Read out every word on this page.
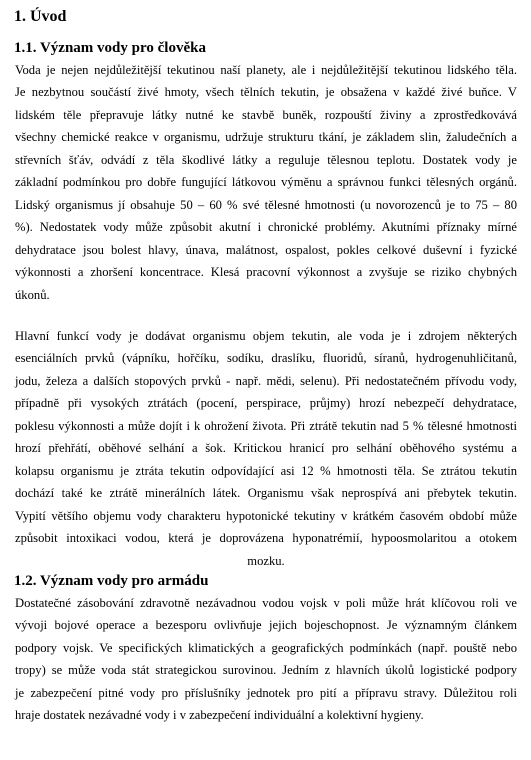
1. Úvod
1.1. Význam vody pro člověka
Voda je nejen nejdůležitější tekutinou naší planety, ale i nejdůležitější tekutinou lidského těla.
Je nezbytnou součástí živé hmoty, všech tělních tekutin, je obsažena v každé živé buňce. V
lidském těle přepravuje látky nutné ke stavbě buněk, rozpouští živiny a zprostředkovává
všechny chemické reakce v organismu, udržuje strukturu tkání, je základem slin, žaludečních a
střevních šťáv, odvádí z těla škodlivé látky a reguluje tělesnou teplotu. Dostatek vody je
základní podmínkou pro dobře fungující látkovou výměnu a správnou funkci tělesných orgánů.
Lidský organismus jí obsahuje 50 – 60 % své tělesné hmotnosti (u novorozenců je to 75 – 80
%). Nedostatek vody může způsobit akutní i chronické problémy. Akutními příznaky mírné
dehydratace jsou bolest hlavy, únava, malátnost, ospalost, pokles celkové duševní i fyzické
výkonnosti a zhoršení koncentrace. Klesá pracovní výkonnost a zvyšuje se riziko chybných
úkonů.
Hlavní funkcí vody je dodávat organismu objem tekutin, ale voda je i zdrojem některých
esenciálních prvků (vápníku, hořčíku, sodíku, draslíku, fluoridů, síranů, hydrogenuhličitanů,
jodu, železa a dalších stopových prvků - např. mědi, selenu). Při nedostatečném přívodu vody,
případně při vysokých ztrátách (pocení, perspirace, průjmy) hrozí nebezpečí dehydratace,
poklesu výkonnosti a může dojít i k ohrožení života. Při ztrátě tekutin nad 5 % tělesné hmotnosti
hrozí přehřátí, oběhové selhání a šok. Kritickou hranicí pro selhání oběhového systému a
kolapsu organismu je ztráta tekutin odpovídající asi 12 % hmotnosti těla. Se ztrátou tekutin
dochází také ke ztrátě minerálních látek. Organismu však neprospívá ani přebytek tekutin.
Vypití většího objemu vody charakteru hypotonické tekutiny v krátkém časovém období může
způsobit intoxikaci vodou, která je doprovázena hyponatrémií, hypoosmolaritou a otokem
mozku.
1.2. Význam vody pro armádu
Dostatečné zásobování zdravotně nezávadnou vodou vojsk v poli může hrát klíčovou roli ve
vývoji bojové operace a bezesporu ovlivňuje jejich bojeschopnost. Je významným článkem
podpory vojsk. Ve specifických klimatických a geografických podmínkách (např. pouště nebo
tropy) se může voda stát strategickou surovinou. Jedním z hlavních úkolů logistické podpory
je zabezpečení pitné vody pro příslušníky jednotek pro pití a přípravu stravy. Důležitou roli
hraje dostatek nezávadné vody i v zabezpečení individuální a kolektivní hygieny.
